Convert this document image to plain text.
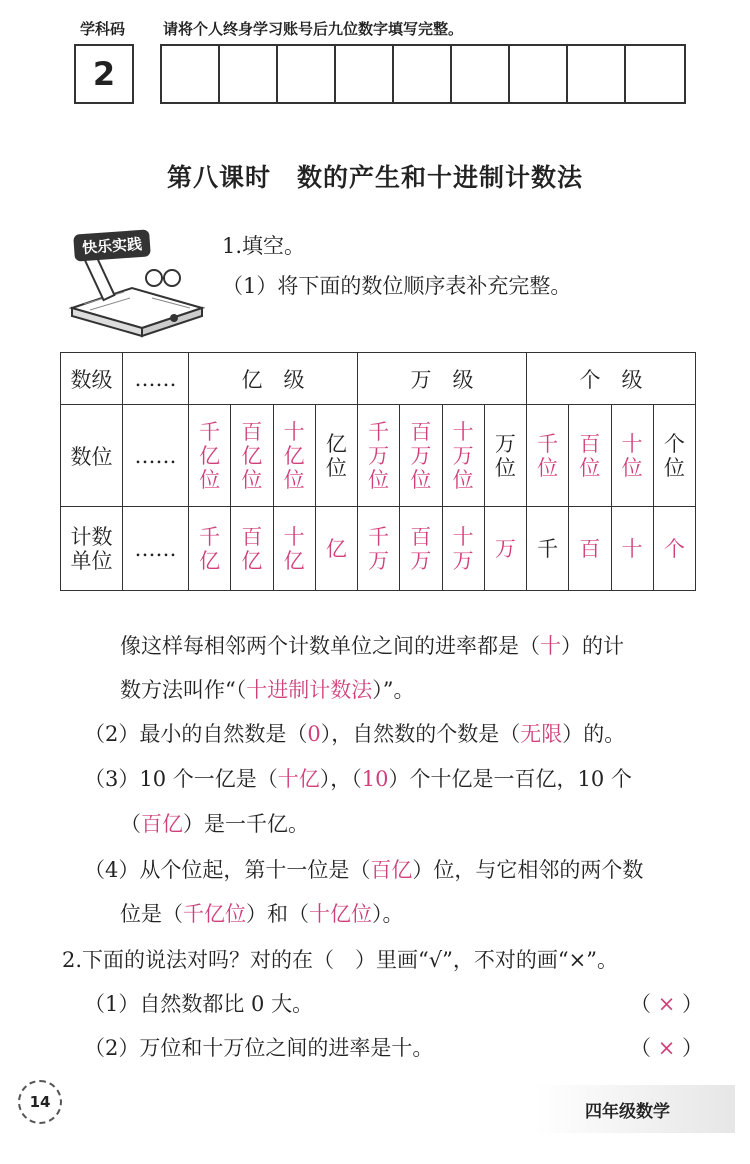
学科码	请将个人终身学习账号后九位数字填写完整。
2
第八课时　数的产生和十进制计数法
快乐实践	1.填空。
（1）将下面的数位顺序表补充完整。
数级	……	亿　级				万　级				个　级			
数位	……	千亿位	百亿位	十亿位	亿位	千万位	百万位	十万位	万位	千位	百位	十位	个位
计数单位	……	千亿	百亿	十亿	亿	千万	百万	十万	万	千	百	十	个
像这样每相邻两个计数单位之间的进率都是（十）的计
数方法叫作“（十进制计数法）”。
（2）最小的自然数是（0），自然数的个数是（无限）的。
（3）10 个一亿是（十亿），（10）个十亿是一百亿，10 个
（百亿）是一千亿。
（4）从个位起，第十一位是（百亿）位，与它相邻的两个数
位是（千亿位）和（十亿位）。
2.下面的说法对吗？对的在（　）里画“√”，不对的画“×”。
（1）自然数都比 0 大。	（ × ）
（2）万位和十万位之间的进率是十。	（ × ）
14	四年级数学
